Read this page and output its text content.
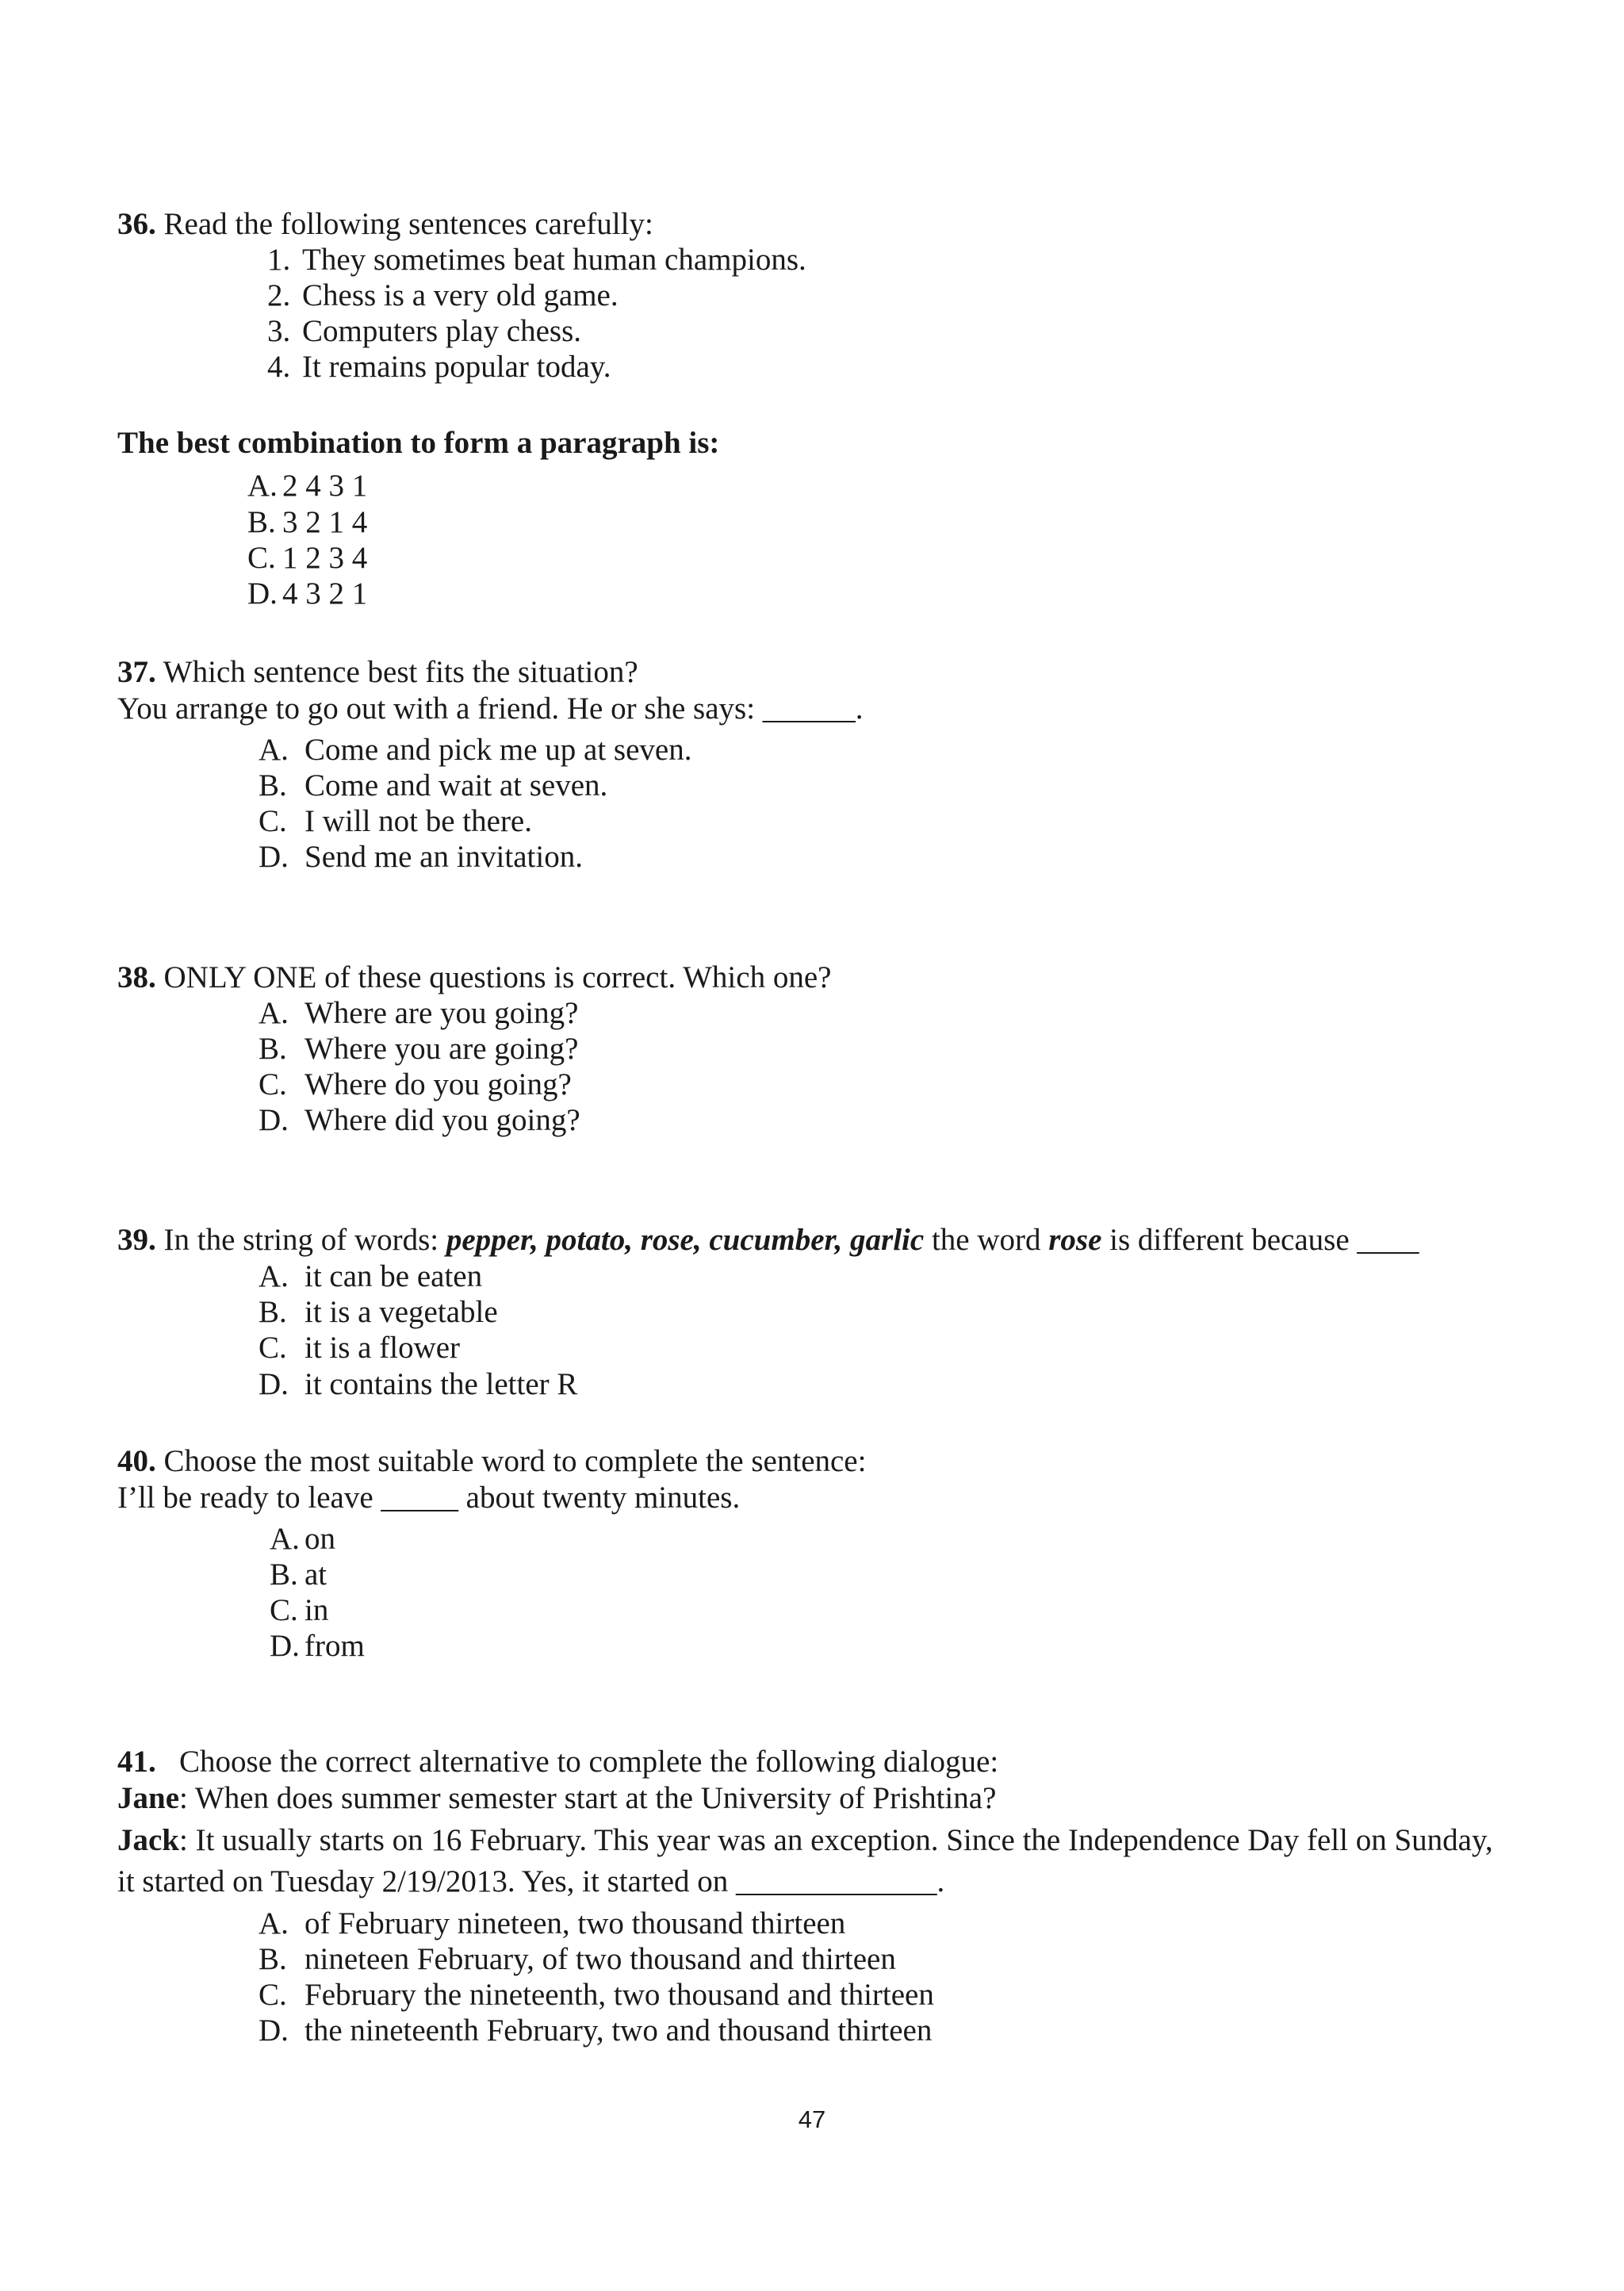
36. Read the following sentences carefully:
1. They sometimes beat human champions.
2. Chess is a very old game.
3. Computers play chess.
4. It remains popular today.
The best combination to form a paragraph is:
A. 2 4 3 1
B. 3 2 1 4
C. 1 2 3 4
D. 4 3 2 1
37. Which sentence best fits the situation?
You arrange to go out with a friend. He or she says: ______.
A. Come and pick me up at seven.
B. Come and wait at seven.
C. I will not be there.
D. Send me an invitation.
38. ONLY ONE of these questions is correct. Which one?
A. Where are you going?
B. Where you are going?
C. Where do you going?
D. Where did you going?
39. In the string of words: pepper, potato, rose, cucumber, garlic the word rose is different because ____
A. it can be eaten
B. it is a vegetable
C. it is a flower
D. it contains the letter R
40. Choose the most suitable word to complete the sentence:
I’ll be ready to leave _____ about twenty minutes.
A. on
B. at
C. in
D. from
41. Choose the correct alternative to complete the following dialogue:
Jane: When does summer semester start at the University of Prishtina?
Jack: It usually starts on 16 February. This year was an exception. Since the Independence Day fell on Sunday,
it started on Tuesday 2/19/2013. Yes, it started on _____________.
A. of February nineteen, two thousand thirteen
B. nineteen February, of two thousand and thirteen
C. February the nineteenth, two thousand and thirteen
D. the nineteenth February, two and thousand thirteen
47
